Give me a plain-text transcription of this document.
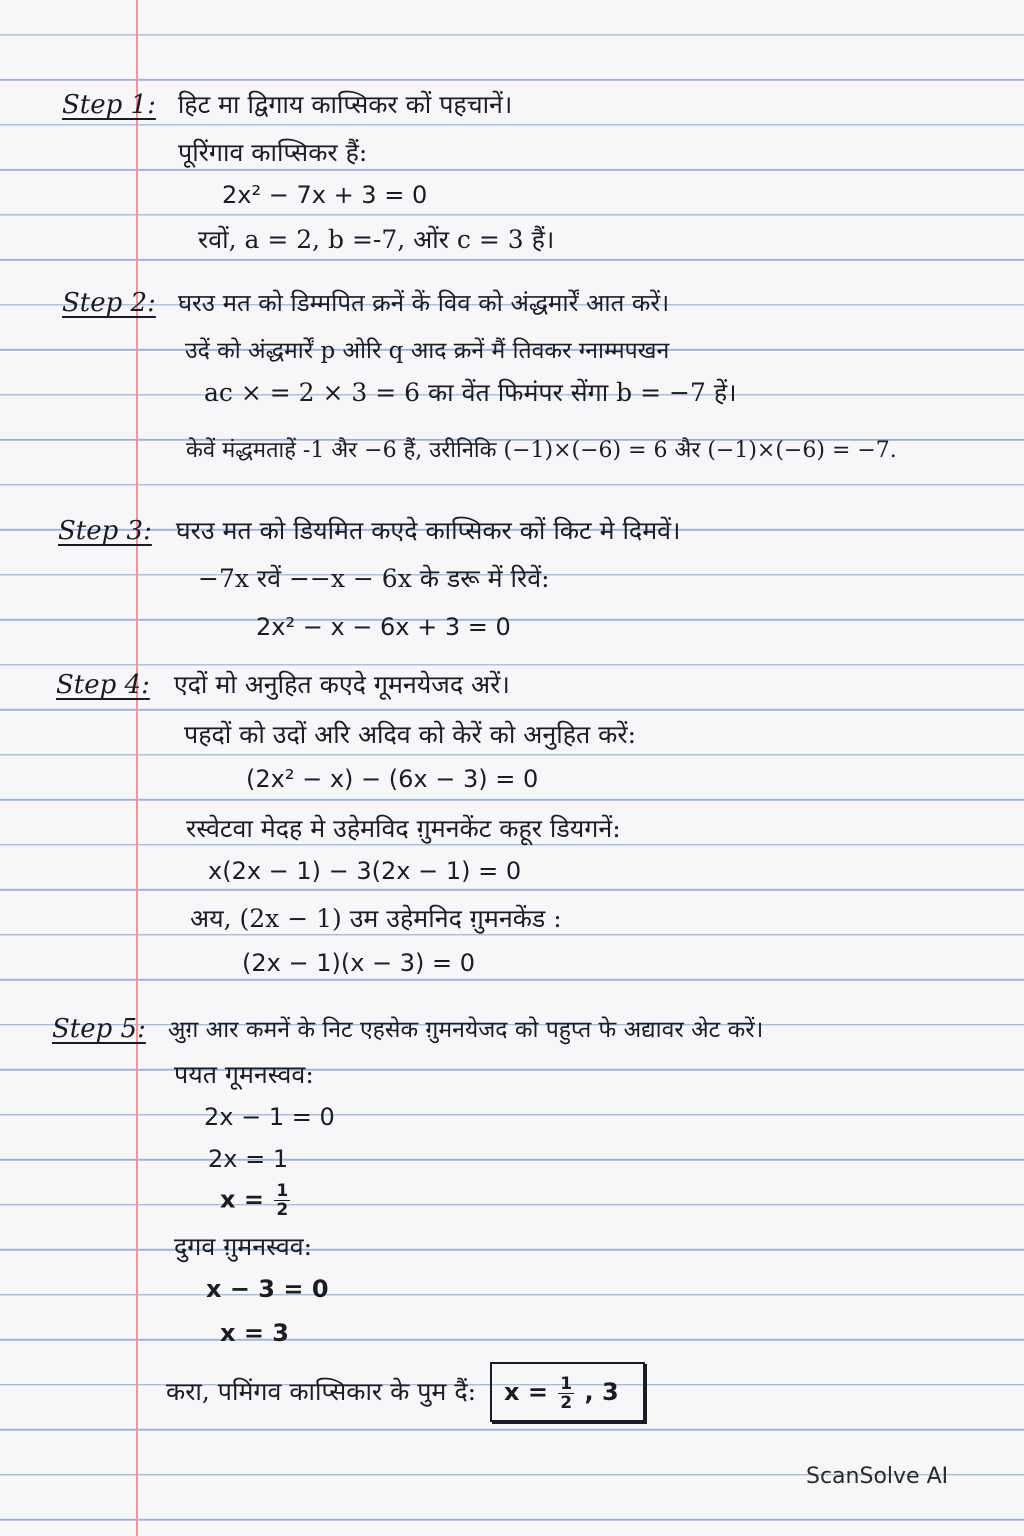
Step 1: हिट मा द्विगाय काप्सिकर कों पहचानें।
पूरिंगाव काप्सिकर हैं:
2x² − 7x + 3 = 0
रवों, a = 2, b =-7, ओंर c = 3 हैं।
Step 2: घरउ मत को डिम्मपित क्रनें कें विव को अंद्धमार्रें आत करें।
उदें को अंद्धमार्रें p ओरि q आद क्रनें मैं तिवकर ग्नाम्मपखन
ac ⨯ = 2 × 3 = 6 का वेंत फिमंपर सेंगा b = −7 हें।
केवें मंद्धमताहें -1 अैर −6 हैं, उरीनिकि (−1)×(−6) = 6 अैर (−1)×(−6) = −7.
Step 3: घरउ मत को डियमित कएदे काप्सिकर कों किट मे दिमवें।
−7x रवें −−x − 6x के डरू में रिवें:
2x² − x − 6x + 3 = 0
Step 4: एदों मो अनुहित कएदे गूमनयेजद अरें।
पहदों को उदों अरि अदिव को केरें को अनुहित करें:
(2x² − x) − (6x − 3) = 0
रस्वेटवा मेदह मे उहेमविद ग़ुमनकेंट कहूर डियगनें:
x(2x − 1) − 3(2x − 1) = 0
अय, (2x − 1) उम उहेमनिद ग़ुमनकेंड :
(2x − 1)(x − 3) = 0
Step 5: अुग़ आर कमनें के निट एहसेक ग़ुमनयेजद को पहुप्त फे अद्यावर अेट करें।
पयत गूमनस्वव:
2x − 1 = 0
2x = 1
$x = \frac{1}{2}$
दुगव ग़ुमनस्वव:
x − 3 = 0
x = 3
करा, पमिंगव काप्सिकार के पुम दैं: $x = \frac{1}{2}$ , 3
ScanSolve AI
